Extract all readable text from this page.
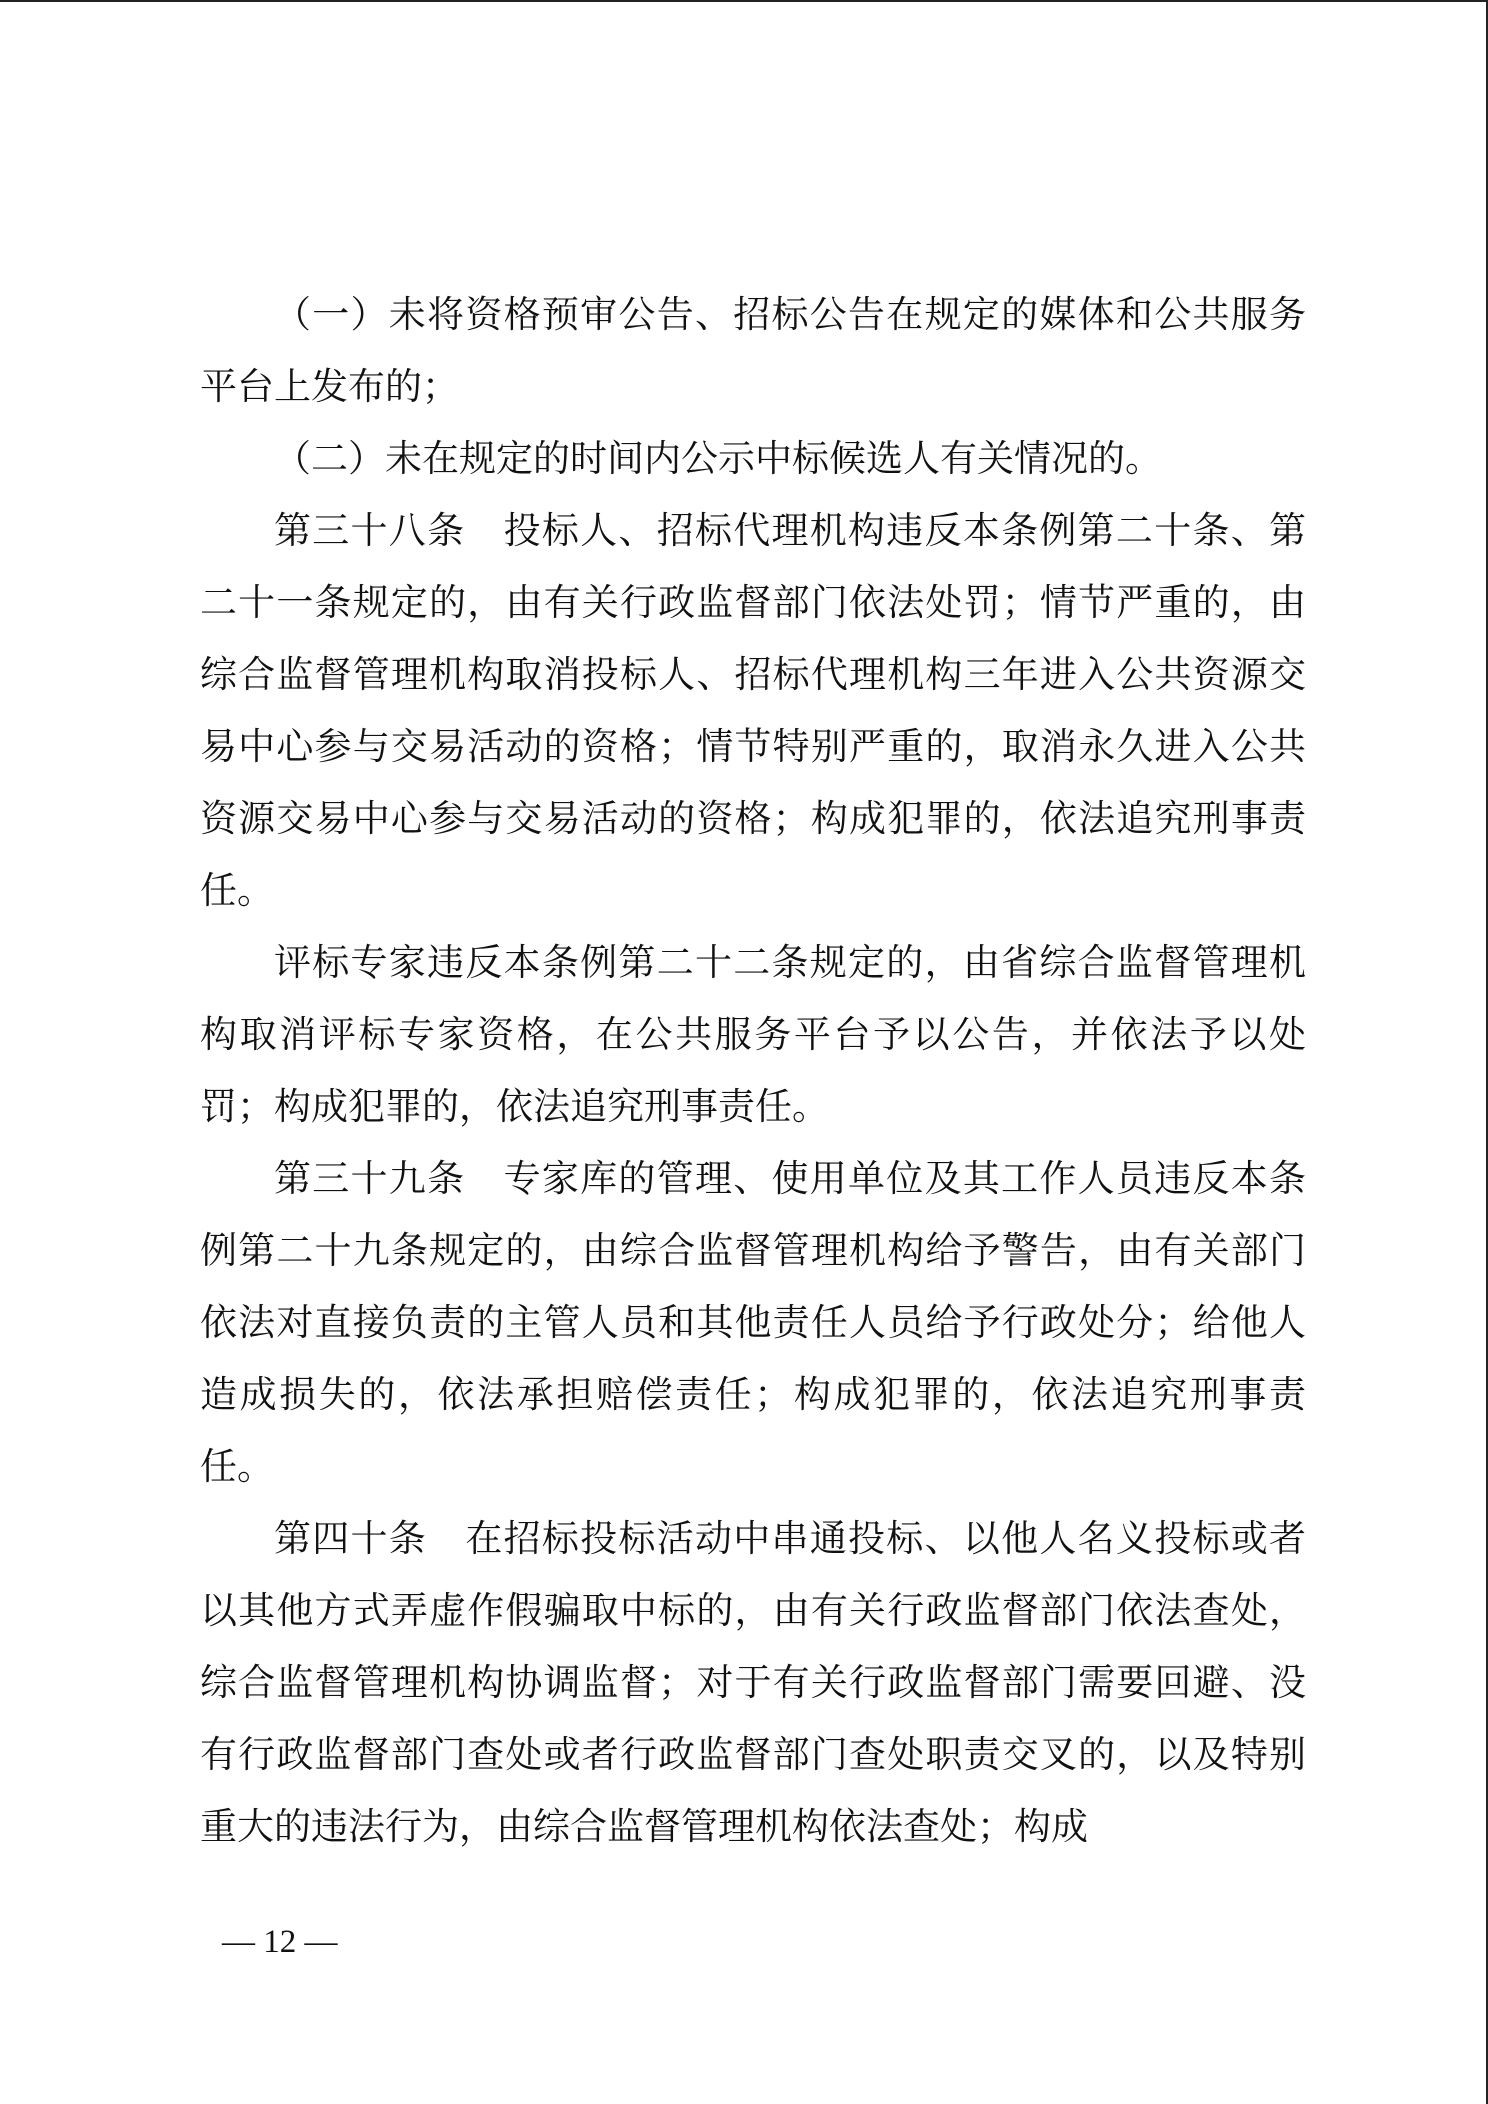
（一）未将资格预审公告、招标公告在规定的媒体和公共服务平台上发布的；

（二）未在规定的时间内公示中标候选人有关情况的。

第三十八条　投标人、招标代理机构违反本条例第二十条、第二十一条规定的，由有关行政监督部门依法处罚；情节严重的，由综合监督管理机构取消投标人、招标代理机构三年进入公共资源交易中心参与交易活动的资格；情节特别严重的，取消永久进入公共资源交易中心参与交易活动的资格；构成犯罪的，依法追究刑事责任。

评标专家违反本条例第二十二条规定的，由省综合监督管理机构取消评标专家资格，在公共服务平台予以公告，并依法予以处罚；构成犯罪的，依法追究刑事责任。

第三十九条　专家库的管理、使用单位及其工作人员违反本条例第二十九条规定的，由综合监督管理机构给予警告，由有关部门依法对直接负责的主管人员和其他责任人员给予行政处分；给他人造成损失的，依法承担赔偿责任；构成犯罪的，依法追究刑事责任。

第四十条　在招标投标活动中串通投标、以他人名义投标或者以其他方式弄虚作假骗取中标的，由有关行政监督部门依法查处，综合监督管理机构协调监督；对于有关行政监督部门需要回避、没有行政监督部门查处或者行政监督部门查处职责交叉的，以及特别重大的违法行为，由综合监督管理机构依法查处；构成

— 12 —
